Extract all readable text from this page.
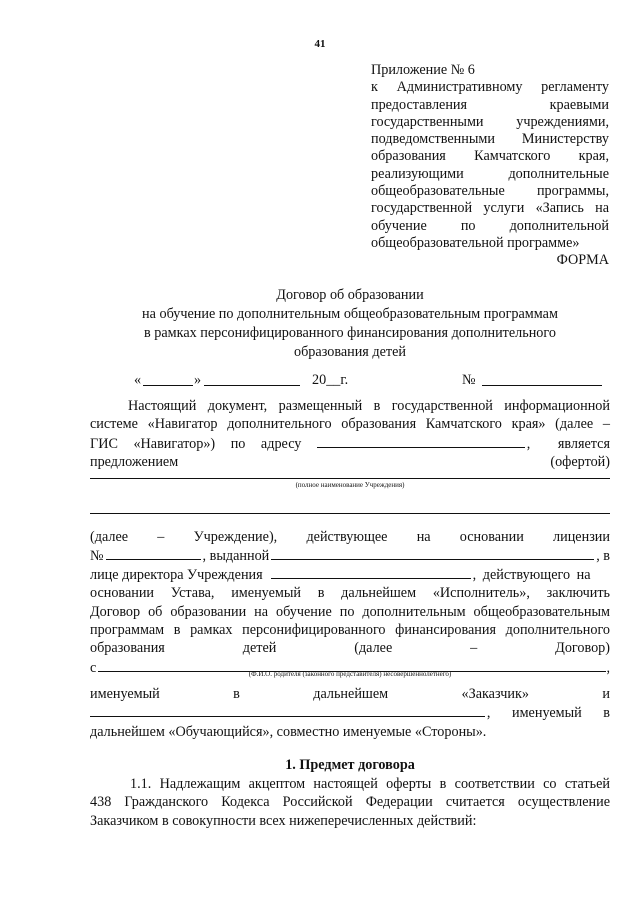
41
Приложение № 6
к Административному регламенту
предоставления краевыми
государственными учреждениями,
подведомственными Министерству
образования Камчатского края,
реализующими дополнительные
общеобразовательные программы,
государственной услуги «Запись на
обучение по дополнительной
общеобразовательной программе»
ФОРМА
Договор об образовании
на обучение по дополнительным общеобразовательным программам
в рамках персонифицированного финансирования дополнительного
образования детей
«	»	20__г.	№
Настоящий документ, размещенный в государственной информационной
системе «Навигатор дополнительного образования Камчатского края» (далее –
ГИС «Навигатор») по адресу	, является
предложением	(офертой)
(полное наименование Учреждения)
(далее – Учреждение), действующее на основании лицензии
№	, выданной	, в
лице директора Учреждения	, действующего на
основании Устава, именуемый в дальнейшем «Исполнитель», заключить
Договор об образовании на обучение по дополнительным общеобразовательным
программам в рамках персонифицированного финансирования дополнительного
образования детей (далее – Договор)
с	,
(Ф.И.О. родителя (законного представителя) несовершеннолетнего)
именуемый в дальнейшем «Заказчик» и
, именуемый в
дальнейшем «Обучающийся», совместно именуемые «Стороны».
1. Предмет договора
1.1. Надлежащим акцептом настоящей оферты в соответствии со статьей
438 Гражданского Кодекса Российской Федерации считается осуществление
Заказчиком в совокупности всех нижеперечисленных действий:
